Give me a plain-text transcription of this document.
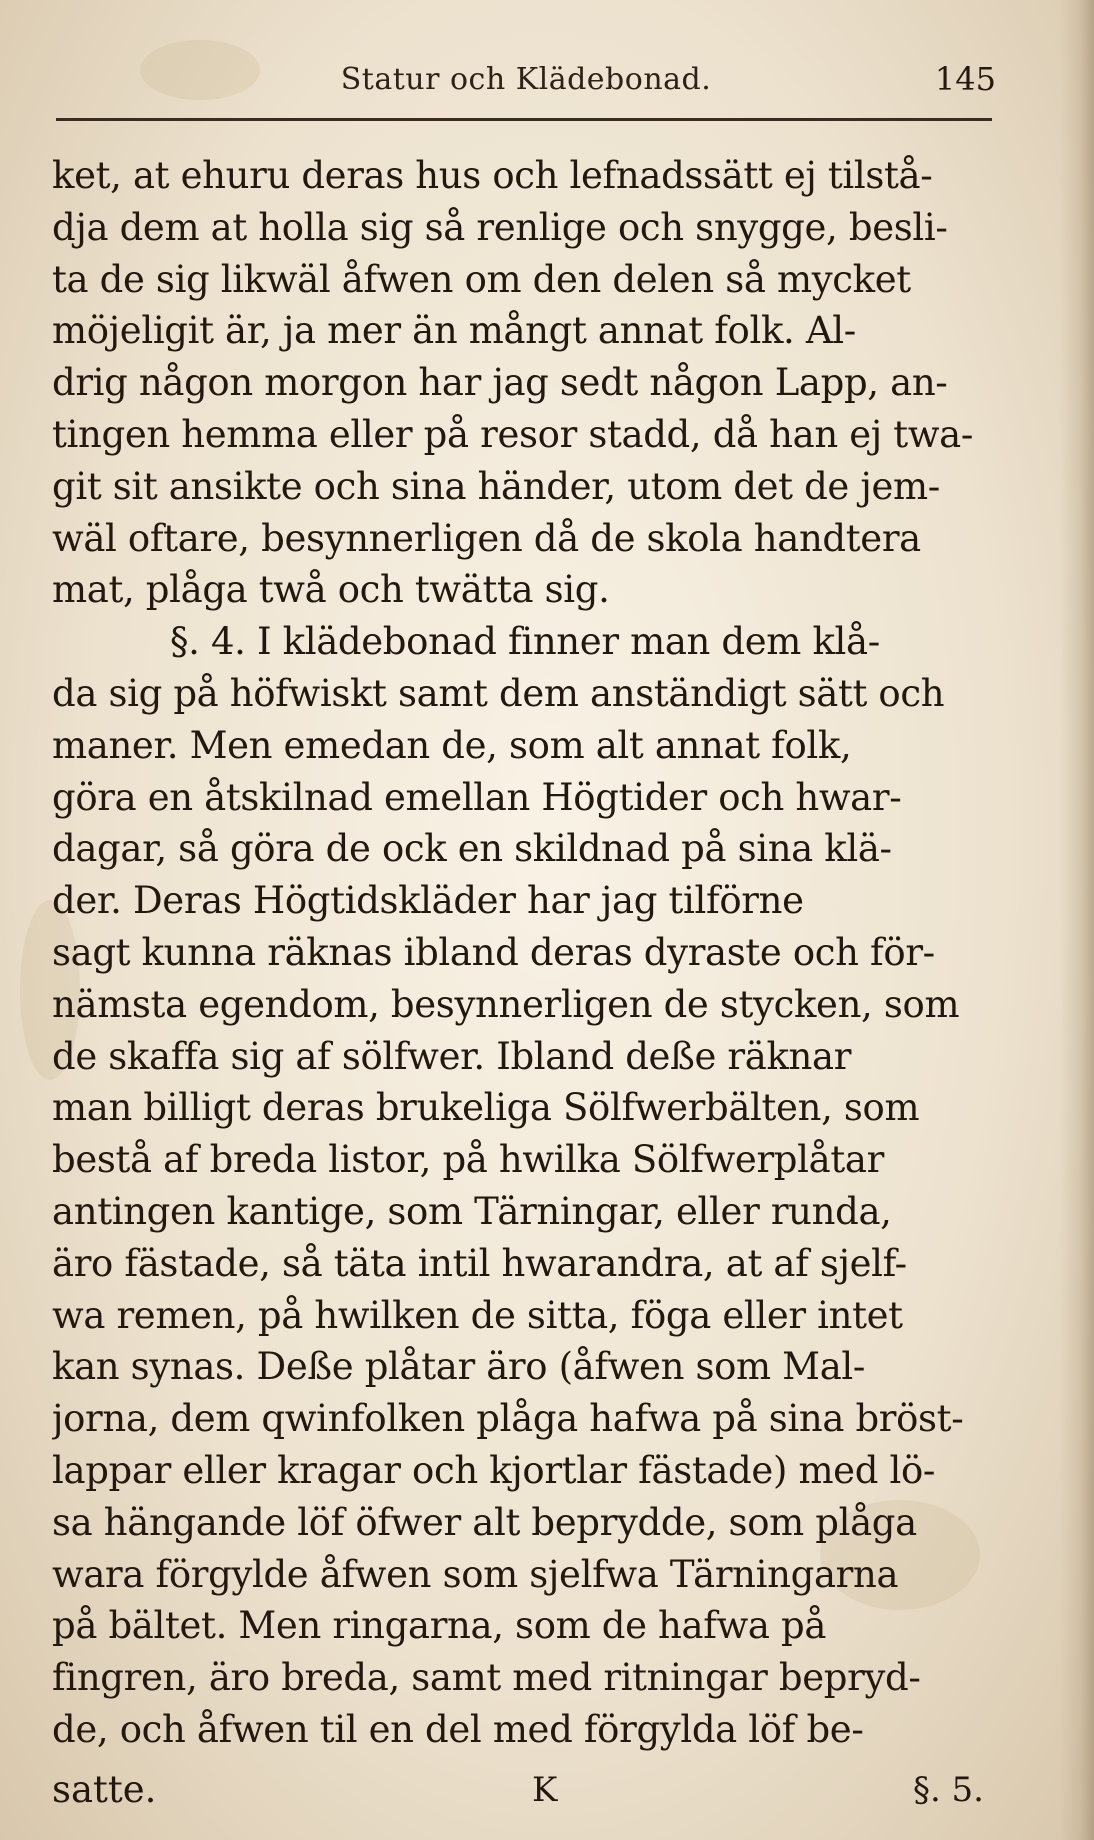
Statur och Klädebonad.	145
ket, at ehuru deras hus och lefnadssätt ej tilstå-
dja dem at holla sig så renlige och snygge, besli-
ta de sig likwäl åfwen om den delen så mycket
möjeligit är, ja mer än mångt annat folk. Al-
drig någon morgon har jag sedt någon Lapp, an-
tingen hemma eller på resor stadd, då han ej twa-
git sit ansikte och sina händer, utom det de jem-
wäl oftare, besynnerligen då de skola handtera
mat, plåga twå och twätta sig.
§. 4. I klädebonad finner man dem klå-
da sig på höfwiskt samt dem anständigt sätt och
maner. Men emedan de, som alt annat folk,
göra en åtskilnad emellan Högtider och hwar-
dagar, så göra de ock en skildnad på sina klä-
der. Deras Högtidskläder har jag tilförne
sagt kunna räknas ibland deras dyraste och för-
nämsta egendom, besynnerligen de stycken, som
de skaffa sig af sölfwer. Ibland deße räknar
man billigt deras brukeliga Sölfwerbälten, som
bestå af breda listor, på hwilka Sölfwerplåtar
antingen kantige, som Tärningar, eller runda,
äro fästade, så täta intil hwarandra, at af sjelf-
wa remen, på hwilken de sitta, föga eller intet
kan synas. Deße plåtar äro (åfwen som Mal-
jorna, dem qwinfolken plåga hafwa på sina bröst-
lappar eller kragar och kjortlar fästade) med lö-
sa hängande löf öfwer alt beprydde, som plåga
wara förgylde åfwen som sjelfwa Tärningarna
på bältet. Men ringarna, som de hafwa på
fingren, äro breda, samt med ritningar bepryd-
de, och åfwen til en del med förgylda löf be-
satte.	K	§. 5.
